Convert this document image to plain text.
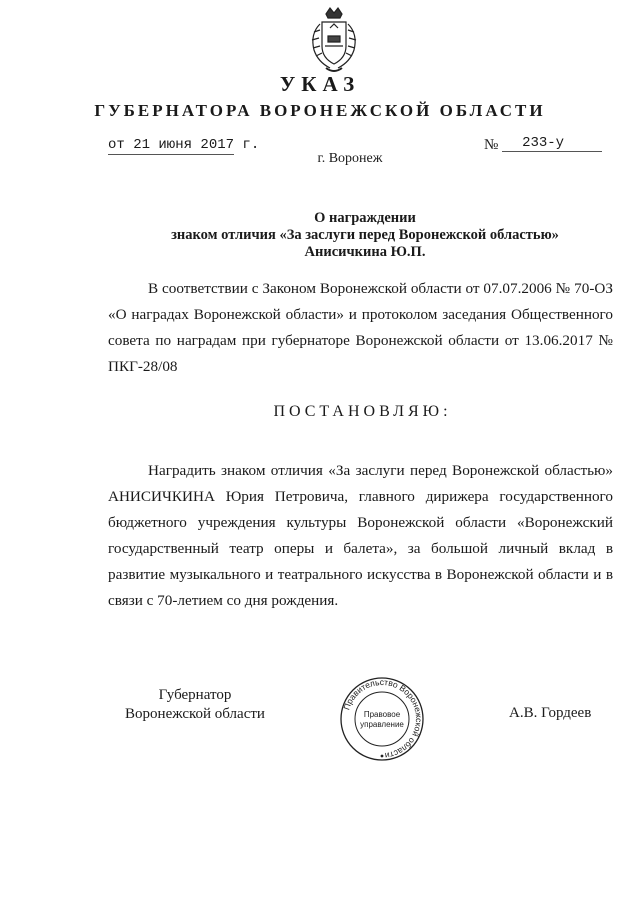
УКАЗ
ГУБЕРНАТОРА ВОРОНЕЖСКОЙ ОБЛАСТИ
от 21 июня 2017 г.	№ 233-у
г. Воронеж
О награждении
знаком отличия «За заслуги перед Воронежской областью»
Анисичкина Ю.П.
В соответствии с Законом Воронежской области от 07.07.2006 № 70-ОЗ «О наградах Воронежской области» и протоколом заседания Общественного совета по наградам при губернаторе Воронежской области от 13.06.2017 № ПКГ-28/08
ПОСТАНОВЛЯЮ:
Наградить знаком отличия «За заслуги перед Воронежской областью» АНИСИЧКИНА Юрия Петровича, главного дирижера государственного бюджетного учреждения культуры Воронежской области «Воронежский государственный театр оперы и балета», за большой личный вклад в развитие музыкального и театрального искусства в Воронежской области и в связи с 70-летием со дня рождения.
Губернатор
Воронежской области	Правительство Воронежской области
Правовое
управление
А.В. Гордеев
